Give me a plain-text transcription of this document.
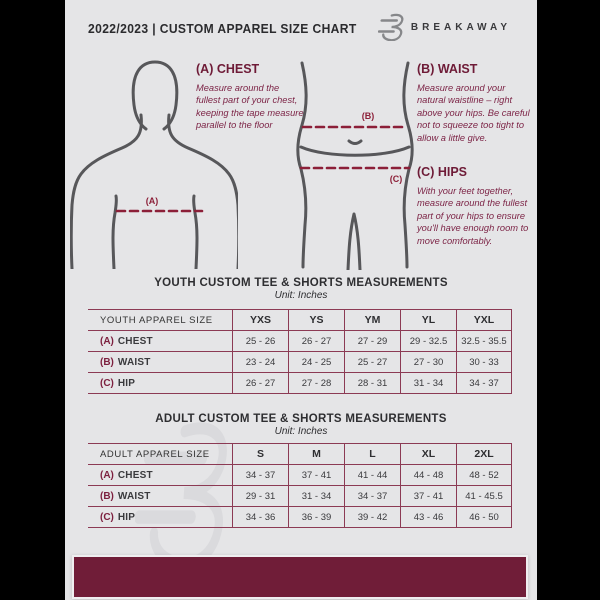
2022/2023 | CUSTOM APPAREL SIZE CHART	BREAKAWAY
(A)
(B)
(C)

(A) CHEST

Measure around the fullest part of your chest, keeping the tape measure parallel to the floor

(B) WAIST

Measure around your natural waistline – right above your hips. Be careful not to squeeze too tight to allow a little give.

(C) HIPS

With your feet together, measure around the fullest part of your hips to ensure you'll have enough room to move comfortably.

YOUTH CUSTOM TEE & SHORTS MEASUREMENTS
Unit: Inches
YOUTH APPAREL SIZE	YXS	YS	YM	YL	YXL
(A) CHEST	25 - 26	26 - 27	27 - 29	29 - 32.5	32.5 - 35.5
(B) WAIST	23 - 24	24 - 25	25 - 27	27 - 30	30 - 33
(C) HIP	26 - 27	27 - 28	28 - 31	31 - 34	34 - 37
ADULT CUSTOM TEE & SHORTS MEASUREMENTS
Unit: Inches
ADULT APPAREL SIZE	S	M	L	XL	2XL
(A) CHEST	34 - 37	37 - 41	41 - 44	44 - 48	48 - 52
(B) WAIST	29 - 31	31 - 34	34 - 37	37 - 41	41 - 45.5
(C) HIP	34 - 36	36 - 39	39 - 42	43 - 46	46 - 50
